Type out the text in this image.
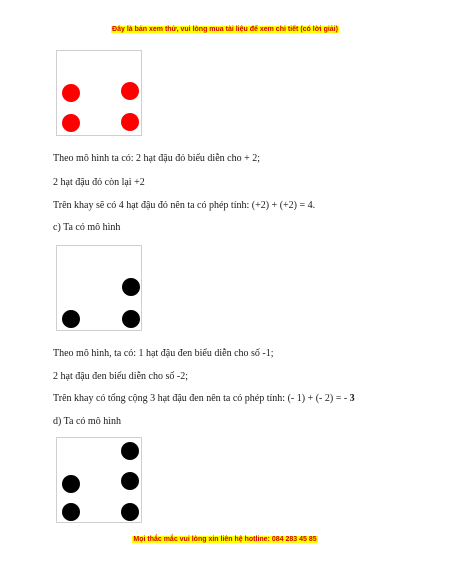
Đây là bản xem thử, vui lòng mua tài liệu để xem chi tiết (có lời giải)
Theo mô hình ta có: 2 hạt đậu đỏ biểu diễn cho + 2;
2 hạt đậu đỏ còn lại +2
Trên khay sẽ có 4 hạt đậu đỏ nên ta có phép tính: (+2) + (+2) = 4.
c) Ta có mô hình
Theo mô hình, ta có: 1 hạt đậu đen biểu diễn cho số -1;
2 hạt đậu đen biểu diễn cho số -2;
Trên khay có tổng cộng 3 hạt đậu đen nên ta có phép tính: (- 1) + (- 2) = - 3
d) Ta có mô hình
Mọi thắc mắc vui lòng xin liên hệ hotline: 084 283 45 85
